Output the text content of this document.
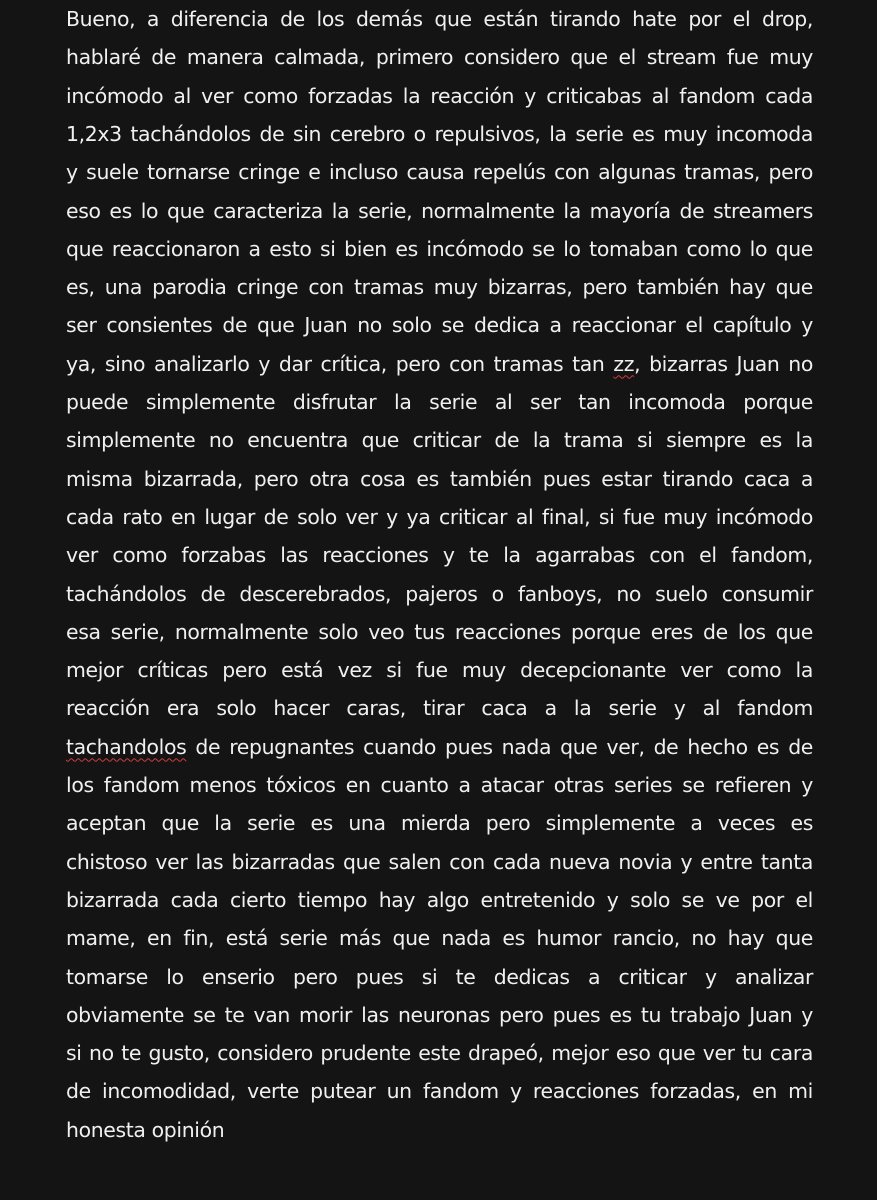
Bueno, a diferencia de los demás que están tirando hate por el drop,
hablaré de manera calmada, primero considero que el stream fue muy
incómodo al ver como forzadas la reacción y criticabas al fandom cada
1,2x3 tachándolos de sin cerebro o repulsivos, la serie es muy incomoda
y suele tornarse cringe e incluso causa repelús con algunas tramas, pero
eso es lo que caracteriza la serie, normalmente la mayoría de streamers
que reaccionaron a esto si bien es incómodo se lo tomaban como lo que
es, una parodia cringe con tramas muy bizarras, pero también hay que
ser consientes de que Juan no solo se dedica a reaccionar el capítulo y
ya, sino analizarlo y dar crítica, pero con tramas tan zz, bizarras Juan no
puede simplemente disfrutar la serie al ser tan incomoda porque
simplemente no encuentra que criticar de la trama si siempre es la
misma bizarrada, pero otra cosa es también pues estar tirando caca a
cada rato en lugar de solo ver y ya criticar al final, si fue muy incómodo
ver como forzabas las reacciones y te la agarrabas con el fandom,
tachándolos de descerebrados, pajeros o fanboys, no suelo consumir
esa serie, normalmente solo veo tus reacciones porque eres de los que
mejor críticas pero está vez si fue muy decepcionante ver como la
reacción era solo hacer caras, tirar caca a la serie y al fandom
tachandolos de repugnantes cuando pues nada que ver, de hecho es de
los fandom menos tóxicos en cuanto a atacar otras series se refieren y
aceptan que la serie es una mierda pero simplemente a veces es
chistoso ver las bizarradas que salen con cada nueva novia y entre tanta
bizarrada cada cierto tiempo hay algo entretenido y solo se ve por el
mame, en fin, está serie más que nada es humor rancio, no hay que
tomarse lo enserio pero pues si te dedicas a criticar y analizar
obviamente se te van morir las neuronas pero pues es tu trabajo Juan y
si no te gusto, considero prudente este drapeó, mejor eso que ver tu cara
de incomodidad, verte putear un fandom y reacciones forzadas, en mi
honesta opinión
